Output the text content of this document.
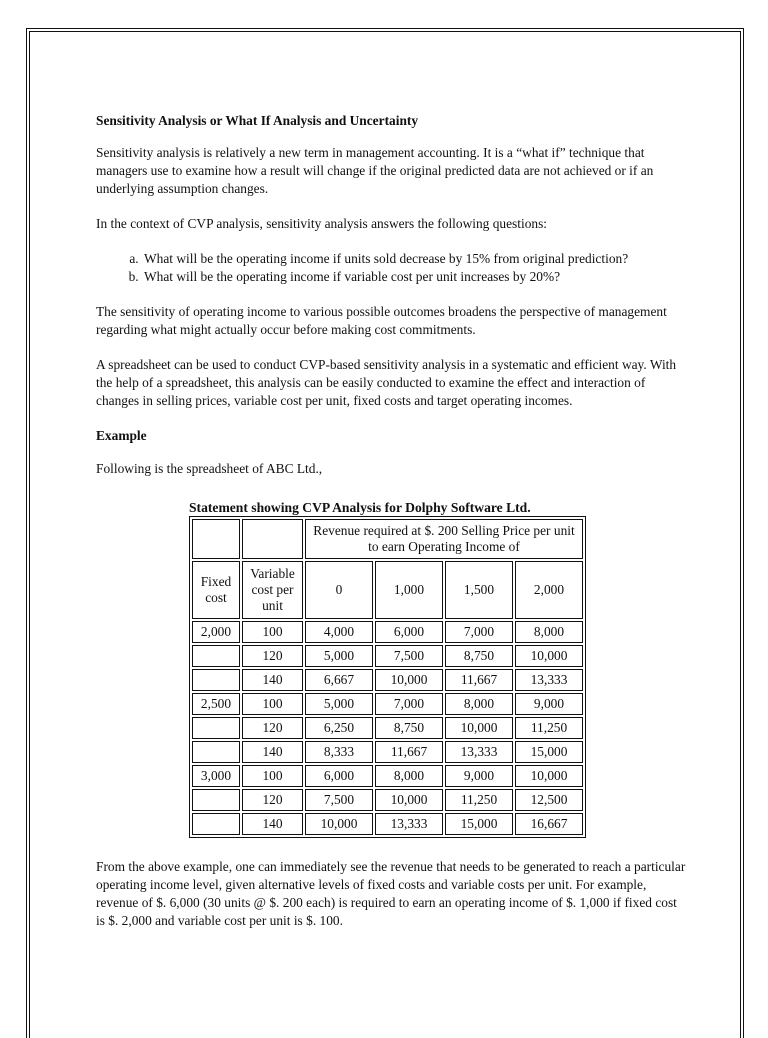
Sensitivity Analysis or What If Analysis and Uncertainty

Sensitivity analysis is relatively a new term in management accounting. It is a “what if” technique that managers use to examine how a result will change if the original predicted data are not achieved or if an underlying assumption changes.

In the context of CVP analysis, sensitivity analysis answers the following questions:

a. What will be the operating income if units sold decrease by 15% from original prediction?
b. What will be the operating income if variable cost per unit increases by 20%?

The sensitivity of operating income to various possible outcomes broadens the perspective of management regarding what might actually occur before making cost commitments.

A spreadsheet can be used to conduct CVP-based sensitivity analysis in a systematic and efficient way. With the help of a spreadsheet, this analysis can be easily conducted to examine the effect and interaction of changes in selling prices, variable cost per unit, fixed costs and target operating incomes.

Example

Following is the spreadsheet of ABC Ltd.,

Statement showing CVP Analysis for Dolphy Software Ltd.
		Revenue required at $. 200 Selling Price per unit to earn Operating Income of			
Fixed cost	Variable cost per unit	0	1,000	1,500	2,000
2,000	100	4,000	6,000	7,000	8,000
	120	5,000	7,500	8,750	10,000
	140	6,667	10,000	11,667	13,333
2,500	100	5,000	7,000	8,000	9,000
	120	6,250	8,750	10,000	11,250
	140	8,333	11,667	13,333	15,000
3,000	100	6,000	8,000	9,000	10,000
	120	7,500	10,000	11,250	12,500
	140	10,000	13,333	15,000	16,667

From the above example, one can immediately see the revenue that needs to be generated to reach a particular operating income level, given alternative levels of fixed costs and variable costs per unit. For example, revenue of $. 6,000 (30 units @ $. 200 each) is required to earn an operating income of $. 1,000 if fixed cost is $. 2,000 and variable cost per unit is $. 100.
